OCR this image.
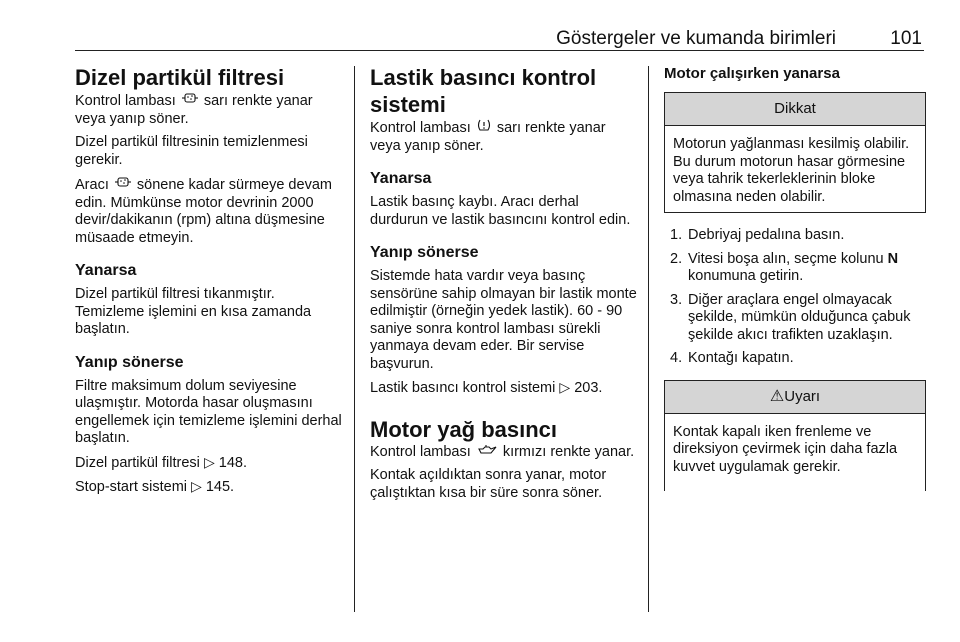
Göstergeler ve kumanda birimleri	101
Dizel partikül filtresi

Kontrol lambası sarı renkte yanar veya yanıp söner.

Dizel partikül filtresinin temizlenmesi gerekir.

Aracı sönene kadar sürmeye devam edin. Mümkünse motor devrinin 2000 devir/dakikanın (rpm) altına düşmesine müsaade etmeyin.

Yanarsa

Dizel partikül filtresi tıkanmıştır. Temizleme işlemini en kısa zamanda başlatın.

Yanıp sönerse

Filtre maksimum dolum seviyesine ulaşmıştır. Motorda hasar oluşmasını engellemek için temizleme işlemini derhal başlatın.

Dizel partikül filtresi ▷ 148.

Stop-start sistemi ▷ 145.

Lastik basıncı kontrol sistemi

Kontrol lambası sarı renkte yanar veya yanıp söner.

Yanarsa

Lastik basınç kaybı. Aracı derhal durdurun ve lastik basıncını kontrol edin.

Yanıp sönerse

Sistemde hata vardır veya basınç sensörüne sahip olmayan bir lastik monte edilmiştir (örneğin yedek lastik). 60 - 90 saniye sonra kontrol lambası sürekli yanmaya devam eder. Bir servise başvurun.

Lastik basıncı kontrol sistemi ▷ 203.

Motor yağ basıncı

Kontrol lambası kırmızı renkte yanar.

Kontak açıldıktan sonra yanar, motor çalıştıktan kısa bir süre sonra söner.

Motor çalışırken yanarsa
Dikkat

Motorun yağlanması kesilmiş olabilir. Bu durum motorun hasar görmesine veya tahrik tekerleklerinin bloke olmasına neden olabilir.

1. Debriyaj pedalına basın.
2. Vitesi boşa alın, seçme kolunu N konumuna getirin.
3. Diğer araçlara engel olmayacak şekilde, mümkün olduğunca çabuk şekilde akıcı trafikten uzaklaşın.
4. Kontağı kapatın.
⚠Uyarı

Kontak kapalı iken frenleme ve direksiyon çevirmek için daha fazla kuvvet uygulamak gerekir.
